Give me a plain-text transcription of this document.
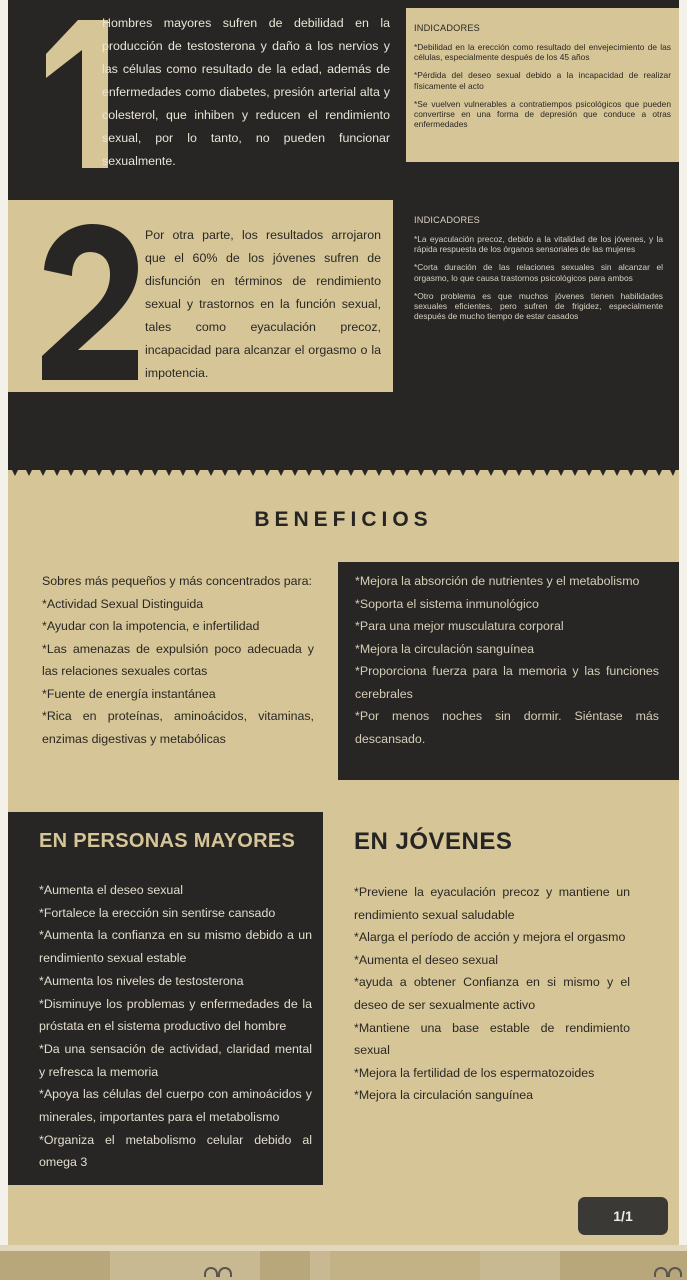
Hombres mayores sufren de debilidad en la producción de testosterona y daño a los nervios y las células como resultado de la edad, además de enfermedades como diabetes, presión arterial alta y colesterol, que inhiben y reducen el rendimiento sexual, por lo tanto, no pueden funcionar sexualmente.
INDICADORES
*Debilidad en la erección como resultado del envejecimiento de las células, especialmente después de los 45 años
*Pérdida del deseo sexual debido a la incapacidad de realizar físicamente el acto
*Se vuelven vulnerables a contratiempos psicológicos que pueden convertirse en una forma de depresión que conduce a otras enfermedades
Por otra parte, los resultados arrojaron que el 60% de los jóvenes sufren de disfunción en términos de rendimiento sexual y trastornos en la función sexual, tales como eyaculación precoz, incapacidad para alcanzar el orgasmo o la impotencia.
INDICADORES
*La eyaculación precoz, debido a la vitalidad de los jóvenes, y la rápida respuesta de los órganos sensoriales de las mujeres
*Corta duración de las relaciones sexuales sin alcanzar el orgasmo, lo que causa trastornos psicológicos para ambos
*Otro problema es que muchos jóvenes tienen habilidades sexuales eficientes, pero sufren de frigidez, especialmente después de mucho tiempo de estar casados
BENEFICIOS
Sobres más pequeños y más concentrados para:
*Actividad Sexual Distinguida
*Ayudar con la impotencia, e infertilidad
*Las amenazas de expulsión poco adecuada y las relaciones sexuales cortas
*Fuente de energía instantánea
*Rica en proteínas, aminoácidos, vitaminas, enzimas digestivas y metabólicas
*Mejora la absorción de nutrientes y el metabolismo
*Soporta el sistema inmunológico
*Para una mejor musculatura corporal
*Mejora la circulación sanguínea
*Proporciona fuerza para la memoria y las funciones cerebrales
*Por menos noches sin dormir. Siéntase más descansado.
EN PERSONAS MAYORES
*Aumenta el deseo sexual
*Fortalece la erección sin sentirse cansado
*Aumenta la confianza en su mismo debido a un rendimiento sexual estable
*Aumenta los niveles de testosterona
*Disminuye los problemas y enfermedades de la próstata en el sistema productivo del hombre
*Da una sensación de actividad, claridad mental y refresca la memoria
*Apoya las células del cuerpo con aminoácidos y minerales, importantes para el metabolismo
*Organiza el metabolismo celular debido al omega 3
EN JÓVENES
*Previene la eyaculación precoz y mantiene un rendimiento sexual saludable
*Alarga el período de acción y mejora el orgasmo
*Aumenta el deseo sexual
*ayuda a obtener Confianza en si mismo y el deseo de ser sexualmente activo
*Mantiene una base estable de rendimiento sexual
*Mejora la fertilidad de los espermatozoides
*Mejora la circulación sanguínea
1/1
